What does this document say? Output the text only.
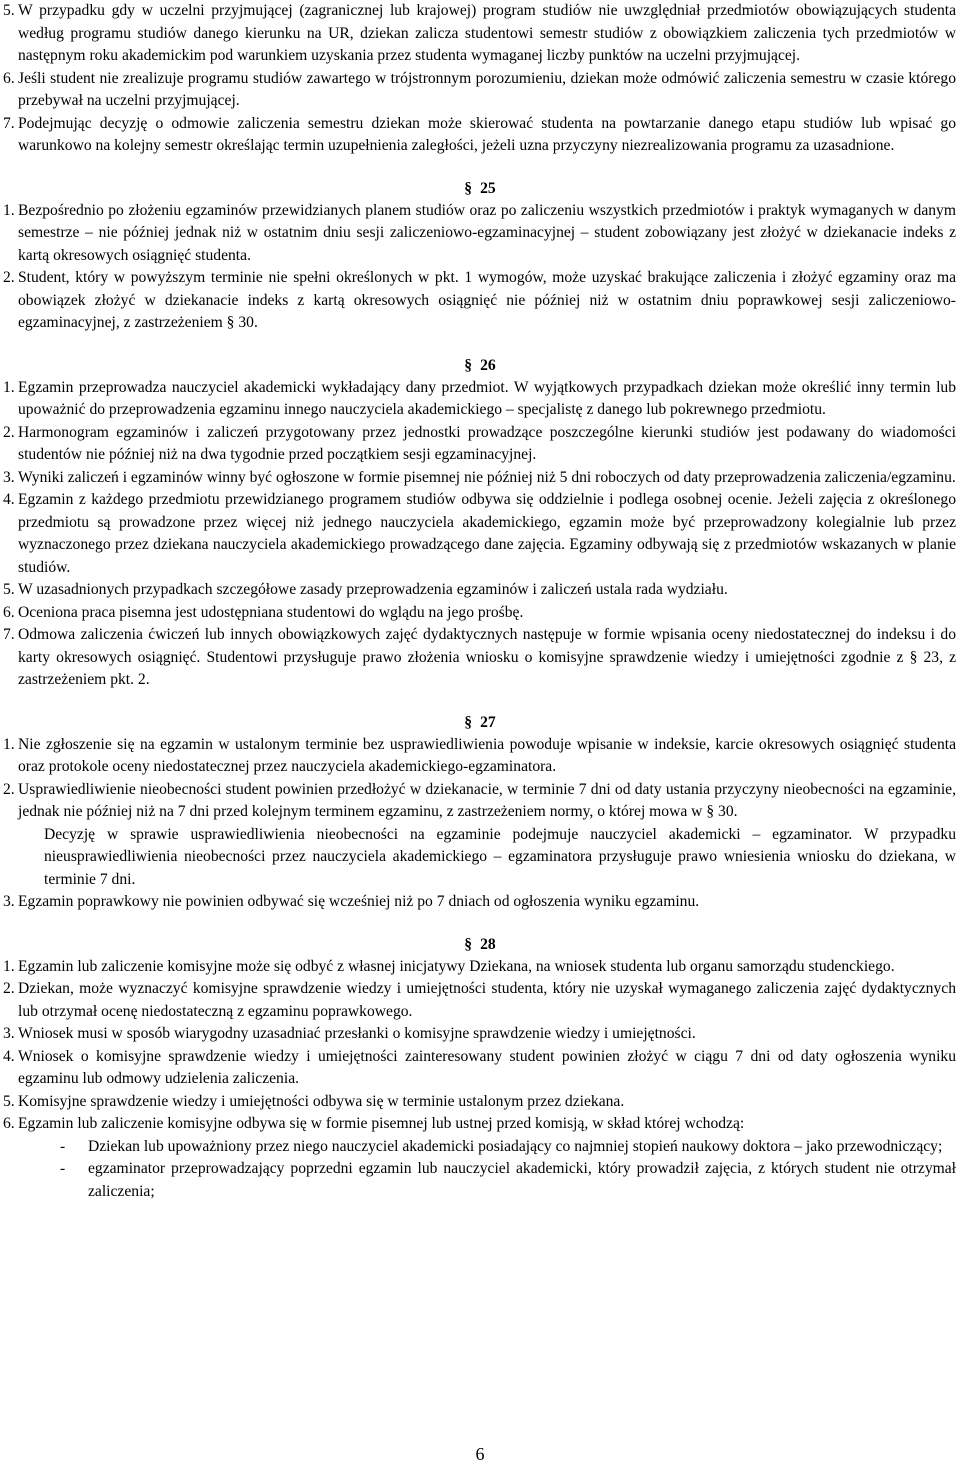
5. W przypadku gdy w uczelni przyjmującej (zagranicznej lub krajowej) program studiów nie uwzględniał przedmiotów obowiązujących studenta według programu studiów danego kierunku na UR, dziekan zalicza studentowi semestr studiów z obowiązkiem zaliczenia tych przedmiotów w następnym roku akademickim pod warunkiem uzyskania przez studenta wymaganej liczby punktów na uczelni przyjmującej.
6. Jeśli student nie zrealizuje programu studiów zawartego w trójstronnym porozumieniu, dziekan może odmówić zaliczenia semestru w czasie którego przebywał na uczelni przyjmującej.
7. Podejmując decyzję o odmowie zaliczenia semestru dziekan może skierować studenta na powtarzanie danego etapu studiów lub wpisać go warunkowo na kolejny semestr określając termin uzupełnienia zaległości, jeżeli uzna przyczyny niezrealizowania programu za uzasadnione.
§ 25
1. Bezpośrednio po złożeniu egzaminów przewidzianych planem studiów oraz po zaliczeniu wszystkich przedmiotów i praktyk wymaganych w danym semestrze – nie później jednak niż w ostatnim dniu sesji zaliczeniowo-egzaminacyjnej – student zobowiązany jest złożyć w dziekanacie indeks z kartą okresowych osiągnięć studenta.
2. Student, który w powyższym terminie nie spełni określonych w pkt. 1 wymogów, może uzyskać brakujące zaliczenia i złożyć egzaminy oraz ma obowiązek złożyć w dziekanacie indeks z kartą okresowych osiągnięć nie później niż w ostatnim dniu poprawkowej sesji zaliczeniowo-egzaminacyjnej, z zastrzeżeniem § 30.
§ 26
1. Egzamin przeprowadza nauczyciel akademicki wykładający dany przedmiot. W wyjątkowych przypadkach dziekan może określić inny termin lub upoważnić do przeprowadzenia egzaminu innego nauczyciela akademickiego – specjalistę z danego lub pokrewnego przedmiotu.
2. Harmonogram egzaminów i zaliczeń przygotowany przez jednostki prowadzące poszczególne kierunki studiów jest podawany do wiadomości studentów nie później niż na dwa tygodnie przed początkiem sesji egzaminacyjnej.
3. Wyniki zaliczeń i egzaminów winny być ogłoszone w formie pisemnej nie później niż 5 dni roboczych od daty przeprowadzenia zaliczenia/egzaminu.
4. Egzamin z każdego przedmiotu przewidzianego programem studiów odbywa się oddzielnie i podlega osobnej ocenie. Jeżeli zajęcia z określonego przedmiotu są prowadzone przez więcej niż jednego nauczyciela akademickiego, egzamin może być przeprowadzony kolegialnie lub przez wyznaczonego przez dziekana nauczyciela akademickiego prowadzącego dane zajęcia. Egzaminy odbywają się z przedmiotów wskazanych w planie studiów.
5. W uzasadnionych przypadkach szczegółowe zasady przeprowadzenia egzaminów i zaliczeń ustala rada wydziału.
6. Oceniona praca pisemna jest udostępniana studentowi do wglądu na jego prośbę.
7. Odmowa zaliczenia ćwiczeń lub innych obowiązkowych zajęć dydaktycznych następuje w formie wpisania oceny niedostatecznej do indeksu i do karty okresowych osiągnięć. Studentowi przysługuje prawo złożenia wniosku o komisyjne sprawdzenie wiedzy i umiejętności zgodnie z § 23, z zastrzeżeniem pkt. 2.
§ 27
1. Nie zgłoszenie się na egzamin w ustalonym terminie bez usprawiedliwienia powoduje wpisanie w indeksie, karcie okresowych osiągnięć studenta oraz protokole oceny niedostatecznej przez nauczyciela akademickiego-egzaminatora.
2. Usprawiedliwienie nieobecności student powinien przedłożyć w dziekanacie, w terminie 7 dni od daty ustania przyczyny nieobecności na egzaminie, jednak nie później niż na 7 dni przed kolejnym terminem egzaminu, z zastrzeżeniem normy, o której mowa w § 30.
Decyzję w sprawie usprawiedliwienia nieobecności na egzaminie podejmuje nauczyciel akademicki – egzaminator. W przypadku nieusprawiedliwienia nieobecności przez nauczyciela akademickiego – egzaminatora przysługuje prawo wniesienia wniosku do dziekana, w terminie 7 dni.
3. Egzamin poprawkowy nie powinien odbywać się wcześniej niż po 7 dniach od ogłoszenia wyniku egzaminu.
§ 28
1. Egzamin lub zaliczenie komisyjne może się odbyć z własnej inicjatywy Dziekana, na wniosek studenta lub organu samorządu studenckiego.
2. Dziekan, może wyznaczyć komisyjne sprawdzenie wiedzy i umiejętności studenta, który nie uzyskał wymaganego zaliczenia zajęć dydaktycznych lub otrzymał ocenę niedostateczną z egzaminu poprawkowego.
3. Wniosek musi w sposób wiarygodny uzasadniać przesłanki o komisyjne sprawdzenie wiedzy i umiejętności.
4. Wniosek o komisyjne sprawdzenie wiedzy i umiejętności zainteresowany student powinien złożyć w ciągu 7 dni od daty ogłoszenia wyniku egzaminu lub odmowy udzielenia zaliczenia.
5. Komisyjne sprawdzenie wiedzy i umiejętności odbywa się w terminie ustalonym przez dziekana.
6. Egzamin lub zaliczenie komisyjne odbywa się w formie pisemnej lub ustnej przed komisją, w skład której wchodzą:
- Dziekan lub upoważniony przez niego nauczyciel akademicki posiadający co najmniej stopień naukowy doktora – jako przewodniczący;
- egzaminator przeprowadzający poprzedni egzamin lub nauczyciel akademicki, który prowadził zajęcia, z których student nie otrzymał zaliczenia;
6
